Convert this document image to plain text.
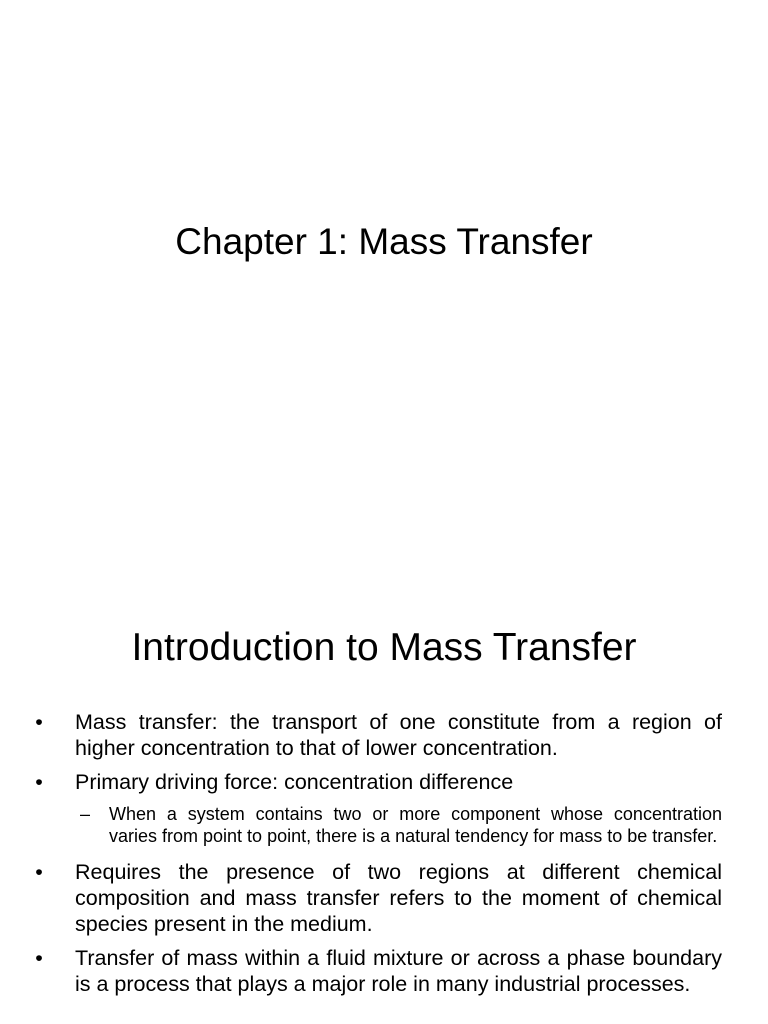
Chapter 1: Mass Transfer
Introduction to Mass Transfer
• Mass transfer: the transport of one constitute from a region of higher concentration to that of lower concentration.
• Primary driving force: concentration difference
– When a system contains two or more component whose concentration varies from point to point, there is a natural tendency for mass to be transfer.
• Requires the presence of two regions at different chemical composition and mass transfer refers to the moment of chemical species present in the medium.
• Transfer of mass within a fluid mixture or across a phase boundary is a process that plays a major role in many industrial processes.
